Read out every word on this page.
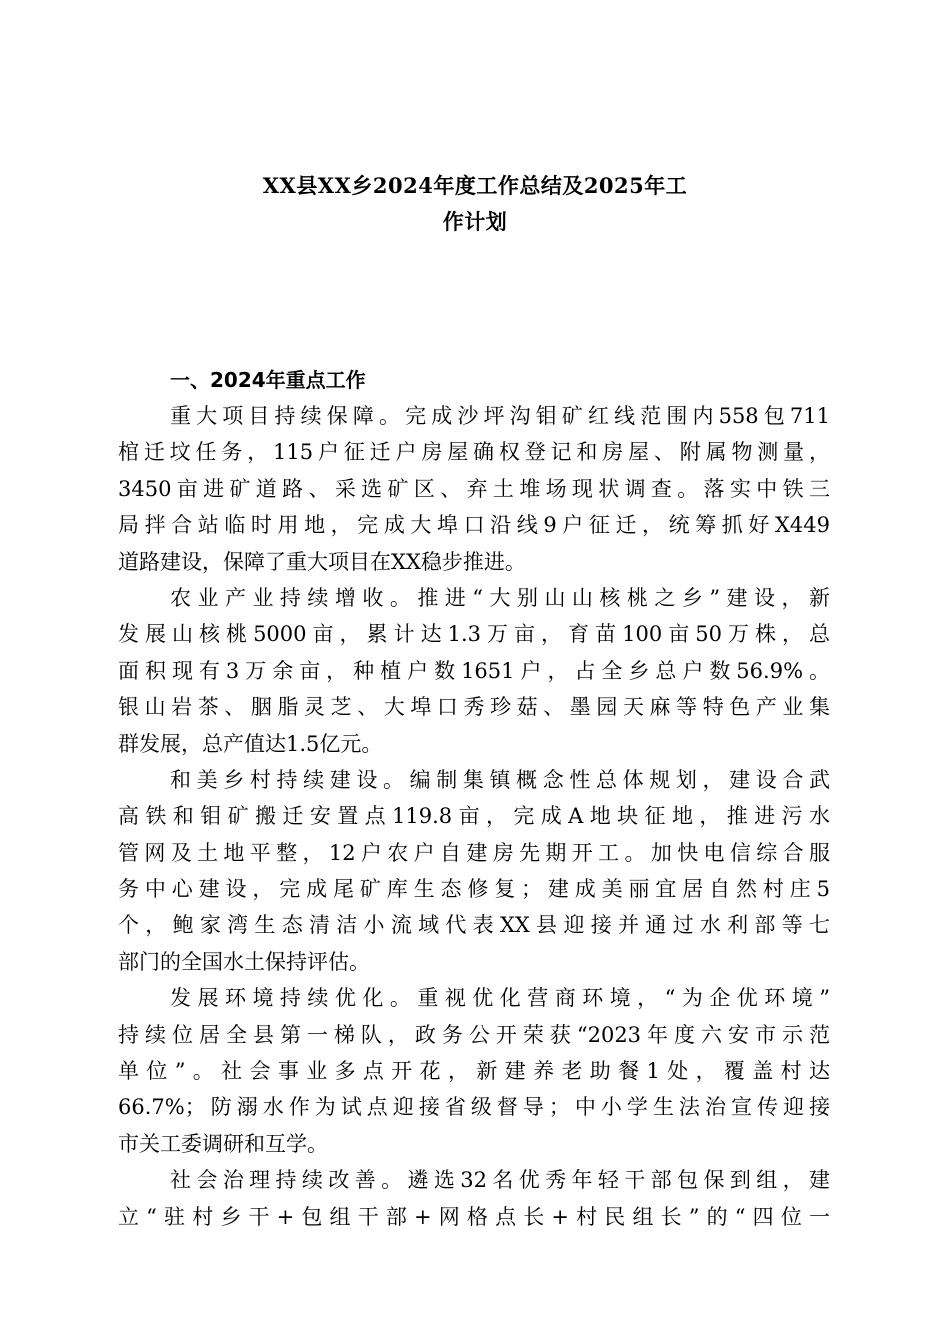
XX县XX乡2024年度工作总结及2025年工
作计划
一、2024年重点工作
重大项目持续保障。完成沙坪沟钼矿红线范围内558包711
棺迁坟任务，115户征迁户房屋确权登记和房屋、附属物测量，
3450亩进矿道路、采选矿区、弃土堆场现状调查。落实中铁三
局拌合站临时用地，完成大埠口沿线9户征迁，统筹抓好X449
道路建设，保障了重大项目在XX稳步推进。
农业产业持续增收。推进“大别山山核桃之乡”建设，新
发展山核桃5000亩，累计达1.3万亩，育苗100亩50万株，总
面积现有3万余亩，种植户数1651户，占全乡总户数56.9%。
银山岩茶、胭脂灵芝、大埠口秀珍菇、墨园天麻等特色产业集
群发展，总产值达1.5亿元。
和美乡村持续建设。编制集镇概念性总体规划，建设合武
高铁和钼矿搬迁安置点119.8亩，完成A地块征地，推进污水
管网及土地平整，12户农户自建房先期开工。加快电信综合服
务中心建设，完成尾矿库生态修复；建成美丽宜居自然村庄5
个，鲍家湾生态清洁小流域代表XX县迎接并通过水利部等七
部门的全国水土保持评估。
发展环境持续优化。重视优化营商环境，“为企优环境”
持续位居全县第一梯队，政务公开荣获“2023年度六安市示范
单位”。社会事业多点开花，新建养老助餐1处，覆盖村达
66.7%；防溺水作为试点迎接省级督导；中小学生法治宣传迎接
市关工委调研和互学。
社会治理持续改善。遴选32名优秀年轻干部包保到组，建
立“驻村乡干+包组干部+网格点长+村民组长”的“四位一
